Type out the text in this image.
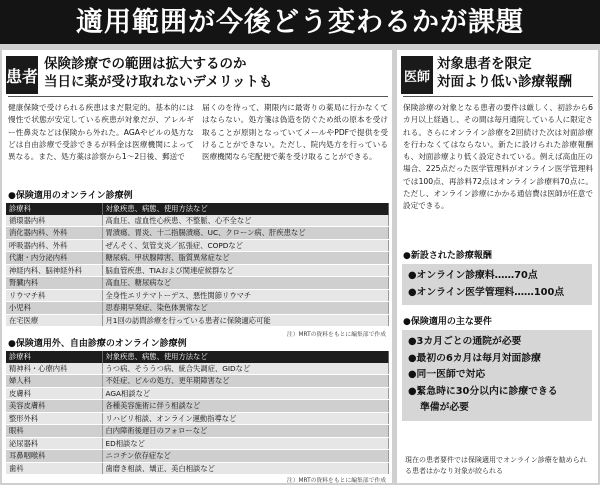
適用範囲が今後どう変わるかが課題
患者
保険診療での範囲は拡大するのか
当日に薬が受け取れないデメリットも
健康保険で受けられる疾患はまだ限定的。基本的には慢性で状態が安定している疾患が対象だが、アレルギー性鼻炎などは保険から外れた。AGAやピルの処方などは自由診療で受診できるが料金は医療機関によって異なる。また、処方薬は診察から1～2日後、郵送で
届くのを待って、期限内に最寄りの薬局に行かなくてはならない。処方箋は偽造を防ぐため紙の原本を受け取ることが原則となっていてメールやPDFで提供を受けることができない。ただし、院内処方を行っている医療機関なら宅配便で薬を受け取ることができる。
●保険適用のオンライン診療例
診療科	対象疾患、病態、使用方法など
循環器内科	高血圧、虚血性心疾患、不整脈、心不全など
消化器内科、外科	胃潰瘍、胃炎、十二指腸潰瘍、UC、クローン病、肝疾患など
呼吸器内科、外科	ぜんそく、気管支炎／拡張症、COPDなど
代謝・内分泌内科	糖尿病、甲状腺障害、脂質異常症など
神経内科、脳神経外科	脳血管疾患、TIAおよび関連症候群など
腎臓内科	高血圧、糖尿病など
リウマチ科	全身性エリテマトーデス、悪性関節リウマチ
小児科	思春期早発症、染色体異常など
在宅医療	月1回の訪問診療を行っている患者に保険適応可能
注）MRTの資料をもとに編集部で作成
●保険適用外、自由診療のオンライン診療例
診療科	対象疾患、病態、使用方法など
精神科・心療内科	うつ病、そううつ病、統合失調症、GIDなど
婦人科	不妊症、ピルの処方、更年期障害など
皮膚科	AGA相談など
美容皮膚科	各種美容施術に伴う相談など
整形外科	リハビリ相談、オンライン運動指導など
眼科	白内障術後遅日のフォローなど
泌尿器科	ED相談など
耳鼻咽喉科	ニコチン依存症など
歯科	歯磨き相談、矯正、美白相談など
注）MRTの資料をもとに編集部で作成
医師
対象患者を限定
対面より低い診療報酬
保険診療の対象となる患者の要件は厳しく、初診から6カ月以上経過し、その間は毎月通院している人に限定される。さらにオンライン診療を2回続けた次は対面診療を行わなくてはならない。新たに設けられた診療報酬も、対面診療より低く設定されている。例えば高血圧の場合、225点だった医学管理料がオンライン医学管理料では100点、再診料72点はオンライン診療料70点に。ただし、オンライン診療にかかる通信費は医師が任意で設定できる。
●新設された診療報酬
●オンライン診療料……70点
●オンライン医学管理料……100点
●保険適用の主な要件
●3カ月ごとの通院が必要
●最初の6カ月は毎月対面診療
●同一医師で対応
●緊急時に30分以内に診療できる
準備が必要
現在の患者要件では保険適用でオンライン診療を勧められる患者はかなり対象が絞られる
